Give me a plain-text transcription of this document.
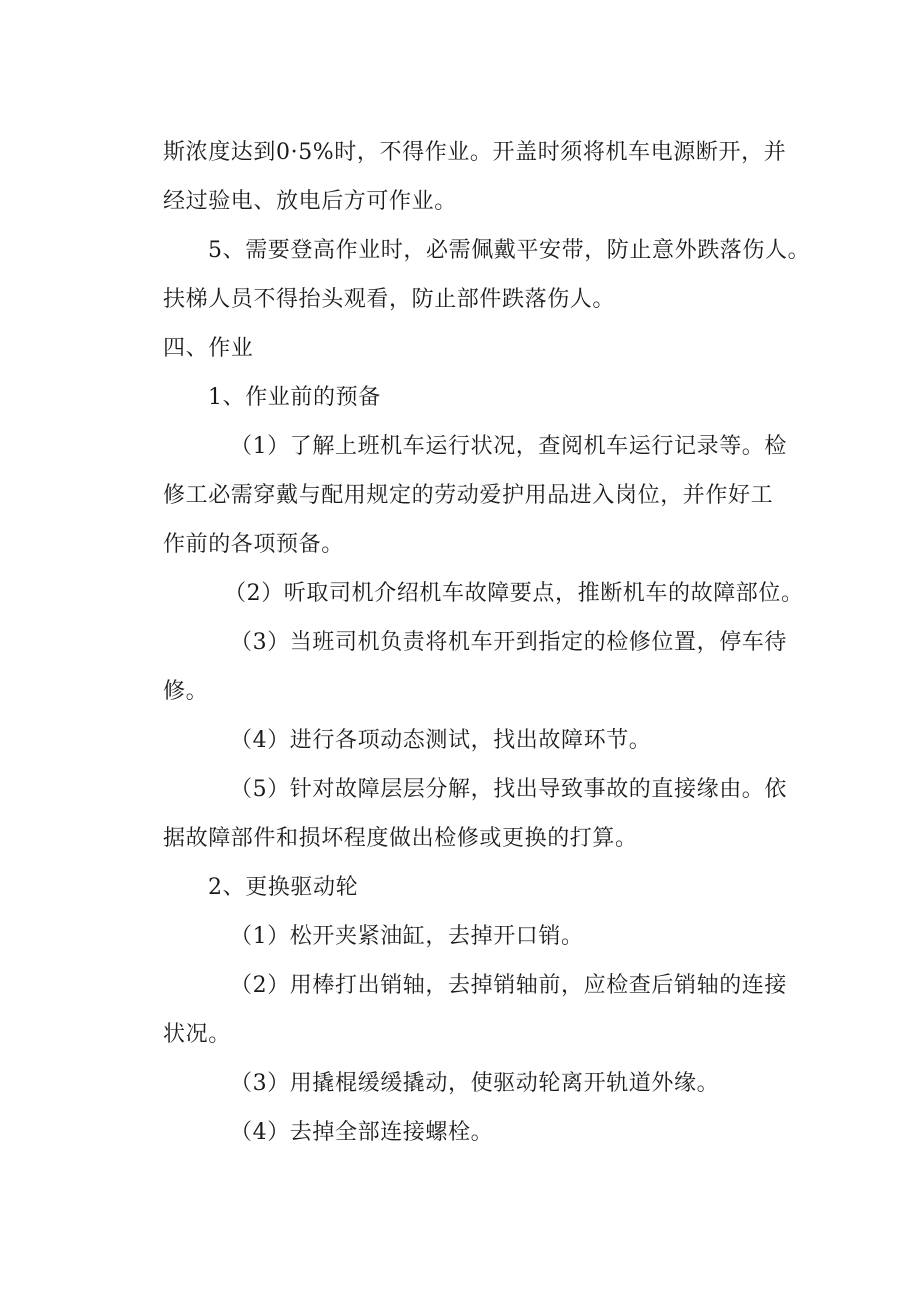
斯浓度达到0·5%时，不得作业。开盖时须将机车电源断开，并
经过验电、放电后方可作业。
5、需要登高作业时，必需佩戴平安带，防止意外跌落伤人。
扶梯人员不得抬头观看，防止部件跌落伤人。
四、作业
1、作业前的预备
（1）了解上班机车运行状况，查阅机车运行记录等。检
修工必需穿戴与配用规定的劳动爱护用品进入岗位，并作好工
作前的各项预备。
（2）听取司机介绍机车故障要点，推断机车的故障部位。
（3）当班司机负责将机车开到指定的检修位置，停车待
修。
（4）进行各项动态测试，找出故障环节。
（5）针对故障层层分解，找出导致事故的直接缘由。依
据故障部件和损坏程度做出检修或更换的打算。
2、更换驱动轮
（1）松开夹紧油缸，去掉开口销。
（2）用棒打出销轴，去掉销轴前，应检查后销轴的连接
状况。
（3）用撬棍缓缓撬动，使驱动轮离开轨道外缘。
（4）去掉全部连接螺栓。
